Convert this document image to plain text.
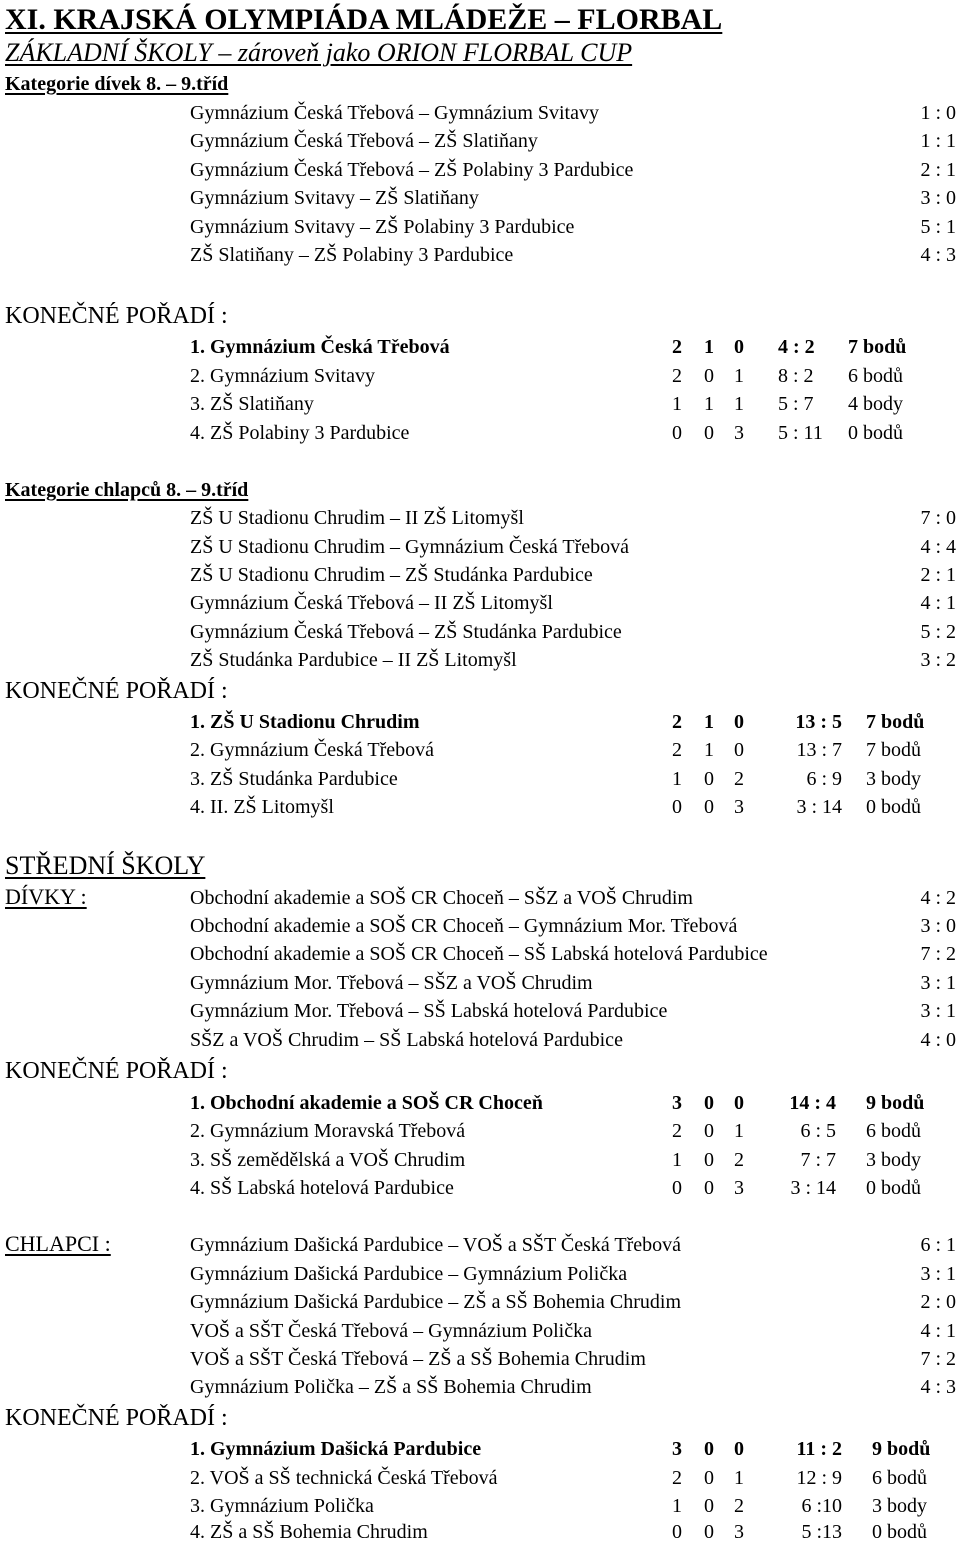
XI. KRAJSKÁ OLYMPIÁDA MLÁDEŽE – FLORBAL
ZÁKLADNÍ ŠKOLY – zároveň jako ORION FLORBAL CUP
Kategorie dívek 8. – 9.tříd
Gymnázium Česká Třebová – Gymnázium Svitavy	1 : 0
Gymnázium Česká Třebová – ZŠ Slatiňany	1 : 1
Gymnázium Česká Třebová – ZŠ Polabiny 3 Pardubice	2 : 1
Gymnázium Svitavy – ZŠ Slatiňany	3 : 0
Gymnázium Svitavy – ZŠ Polabiny 3 Pardubice	5 : 1
ZŠ Slatiňany – ZŠ Polabiny 3 Pardubice	4 : 3
KONEČNÉ POŘADÍ :
1. Gymnázium Česká Třebová	2 1 0 4 : 2 7 bodů
2. Gymnázium Svitavy	2 0 1 8 : 2 6 bodů
3. ZŠ Slatiňany	1 1 1 5 : 7 4 body
4. ZŠ Polabiny 3 Pardubice	0 0 3 5 : 11 0 bodů
Kategorie chlapců 8. – 9.tříd
ZŠ U Stadionu Chrudim – II ZŠ Litomyšl	7 : 0
ZŠ U Stadionu Chrudim – Gymnázium Česká Třebová	4 : 4
ZŠ U Stadionu Chrudim – ZŠ Studánka Pardubice	2 : 1
Gymnázium Česká Třebová – II ZŠ Litomyšl	4 : 1
Gymnázium Česká Třebová – ZŠ Studánka Pardubice	5 : 2
ZŠ Studánka Pardubice – II ZŠ Litomyšl	3 : 2
KONEČNÉ POŘADÍ :
1. ZŠ U Stadionu Chrudim	2 1 0	13 : 5 7 bodů
2. Gymnázium Česká Třebová	2 1 0	13 : 7 7 bodů
3. ZŠ Studánka Pardubice	1 0 2	6 : 9 3 body
4. II. ZŠ Litomyšl	0 0 3	3 : 14 0 bodů
STŘEDNÍ ŠKOLY
DÍVKY :	Obchodní akademie a SOŠ CR Choceň – SŠZ a VOŠ Chrudim	4 : 2
Obchodní akademie a SOŠ CR Choceň – Gymnázium Mor. Třebová	3 : 0
Obchodní akademie a SOŠ CR Choceň – SŠ Labská hotelová Pardubice	7 : 2
Gymnázium Mor. Třebová – SŠZ a VOŠ Chrudim	3 : 1
Gymnázium Mor. Třebová – SŠ Labská hotelová Pardubice	3 : 1
SŠZ a VOŠ Chrudim – SŠ Labská hotelová Pardubice	4 : 0
KONEČNÉ POŘADÍ :
1. Obchodní akademie a SOŠ CR Choceň	3 0 0	14 : 4 9 bodů
2. Gymnázium Moravská Třebová	2 0 1	6 : 5 6 bodů
3. SŠ zemědělská a VOŠ Chrudim	1 0 2	7 : 7 3 body
4. SŠ Labská hotelová Pardubice	0 0 3	3 : 14 0 bodů
CHLAPCI :	Gymnázium Dašická Pardubice – VOŠ a SŠT Česká Třebová	6 : 1
Gymnázium Dašická Pardubice – Gymnázium Polička	3 : 1
Gymnázium Dašická Pardubice – ZŠ a SŠ Bohemia Chrudim	2 : 0
VOŠ a SŠT Česká Třebová – Gymnázium Polička	4 : 1
VOŠ a SŠT Česká Třebová – ZŠ a SŠ Bohemia Chrudim	7 : 2
Gymnázium Polička – ZŠ a SŠ Bohemia Chrudim	4 : 3
KONEČNÉ POŘADÍ :
1. Gymnázium Dašická Pardubice	3 0 0	11 : 2 9 bodů
2. VOŠ a SŠ technická Česká Třebová	2 0 1	12 : 9 6 bodů
3. Gymnázium Polička	1 0 2	6 :10 3 body
4. ZŠ a SŠ Bohemia Chrudim	0 0 3	5 :13 0 bodů
